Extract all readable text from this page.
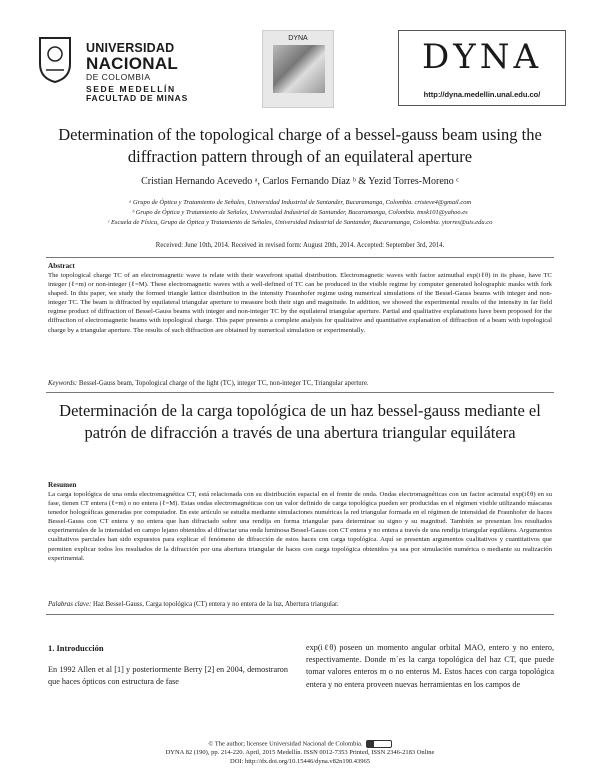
UNIVERSIDAD
NACIONAL
DE COLOMBIA
SEDE MEDELLÍN
FACULTAD DE MINAS
DYNA	DYNA
http://dyna.medellin.unal.edu.co/
Determination of the topological charge of a bessel-gauss beam using the diffraction pattern through of an equilateral aperture
Cristian Hernando Acevedo ᵃ, Carlos Fernando Díaz ᵇ & Yezid Torres-Moreno ᶜ
ᵃ Grupo de Óptica y Tratamiento de Señales, Universidad Industrial de Santander, Bucaramanga, Colombia. cristeve4@gmail.com
ᵇ Grupo de Óptica y Tratamiento de Señales, Universidad Industrial de Santander, Bucaramanga, Colombia. tmsk101@yahoo.es
ᶜ Escuela de Física, Grupo de Óptica y Tratamiento de Señales, Universidad Industrial de Santander, Bucaramanga, Colombia. ytorres@uis.edu.co
Received: June 10th, 2014. Received in revised form: August 20th, 2014. Accepted: September 3rd, 2014.
Abstract
The topological charge TC of an electromagnetic wave is relate with their wavefront spatial distribution. Electromagnetic waves with factor azimuthal exp(iℓθ) in its phase, have TC integer (ℓ=m) or non-integer (ℓ=M). These electromagnetic waves with a well-defined of TC can be produced in the visible regime by computer generated holographic masks with fork shaped. In this paper, we study the formed triangle lattice distribution in the intensity Fraunhofer regime using numerical simulations of the Bessel-Gauss beams with integer and non-integer TC. The beam is diffracted by equilateral triangular aperture to measure both their sign and magnitude. In addition, we showed the experimental results of the intensity in far field regime product of diffraction of Bessel-Gauss beams with integer and non-integer TC by the equilateral triangular aperture. Partial and qualitative explanations have been proposed for the diffraction of electromagnetic beams with topological charge. This paper presents a complete analysis for qualitative and quantitative explanation of diffraction of a beam with topological charge by a triangular aperture. The results of such diffraction are obtained by numerical simulation or experimentally.
Keywords: Bessel-Gauss beam, Topological charge of the light (TC), integer TC, non-integer TC, Triangular aperture.
Determinación de la carga topológica de un haz bessel-gauss mediante el patrón de difracción a través de una abertura triangular equilátera
Resumen
La carga topológica de una onda electromagnética CT, está relacionada con su distribución espacial en el frente de onda. Ondas electromagnéticas con un factor acimutal exp(iℓθ) en su fase, tienen CT entera (ℓ=m) o no entera (ℓ=M). Estas ondas electromagnéticas con un valor definido de carga topológica pueden ser producidas en el régimen visible utilizando máscaras tenedor holográficas generadas por computador. En este artículo se estudia mediante simulaciones numéricas la red triangular formada en el régimen de intensidad de Fraunhofer de haces Bessel-Gauss con CT entera y no entera que han difractado sobre una rendija en forma triangular para determinar su signo y su magnitud. También se presentan los resultados experimentales de la intensidad en campo lejano obtenidos al difractar una onda luminosa Bessel-Gauss con CT entera y no entera a través de una rendija triangular equilátera. Argumentos cualitativos parciales han sido expuestos para explicar el fenómeno de difracción de estos haces con carga topológica. Aquí se presentan argumentos cualitativos y cuantitativos que permiten explicar todos los resultados de la difracción por una abertura triangular de haces con carga topológica obtenidos ya sea por simulación numérica o mediante su realización experimental.
Palabras clave: Haz Bessel-Gauss, Carga topológica (CT) entera y no entera de la luz, Abertura triangular.
1. Introducción
En 1992 Allen et al [1] y posteriormente Berry [2] en 2004, demostraron que haces ópticos con estructura de fase
exp(iℓθ) poseen un momento angular orbital MAO, entero y no entero, respectivamente. Donde m´es la carga topológica del haz CT, que puede tomar valores enteros m o no enteros M. Estos haces con carga topológica entera y no entera proveen nuevas herramientas en los campos de
© The author; licensee Universidad Nacional de Colombia.
DYNA 82 (190), pp. 214-220. April, 2015 Medellín. ISSN 0012-7353 Printed, ISSN 2346-2183 Online
DOI: http://dx.doi.org/10.15446/dyna.v82n190.43965
